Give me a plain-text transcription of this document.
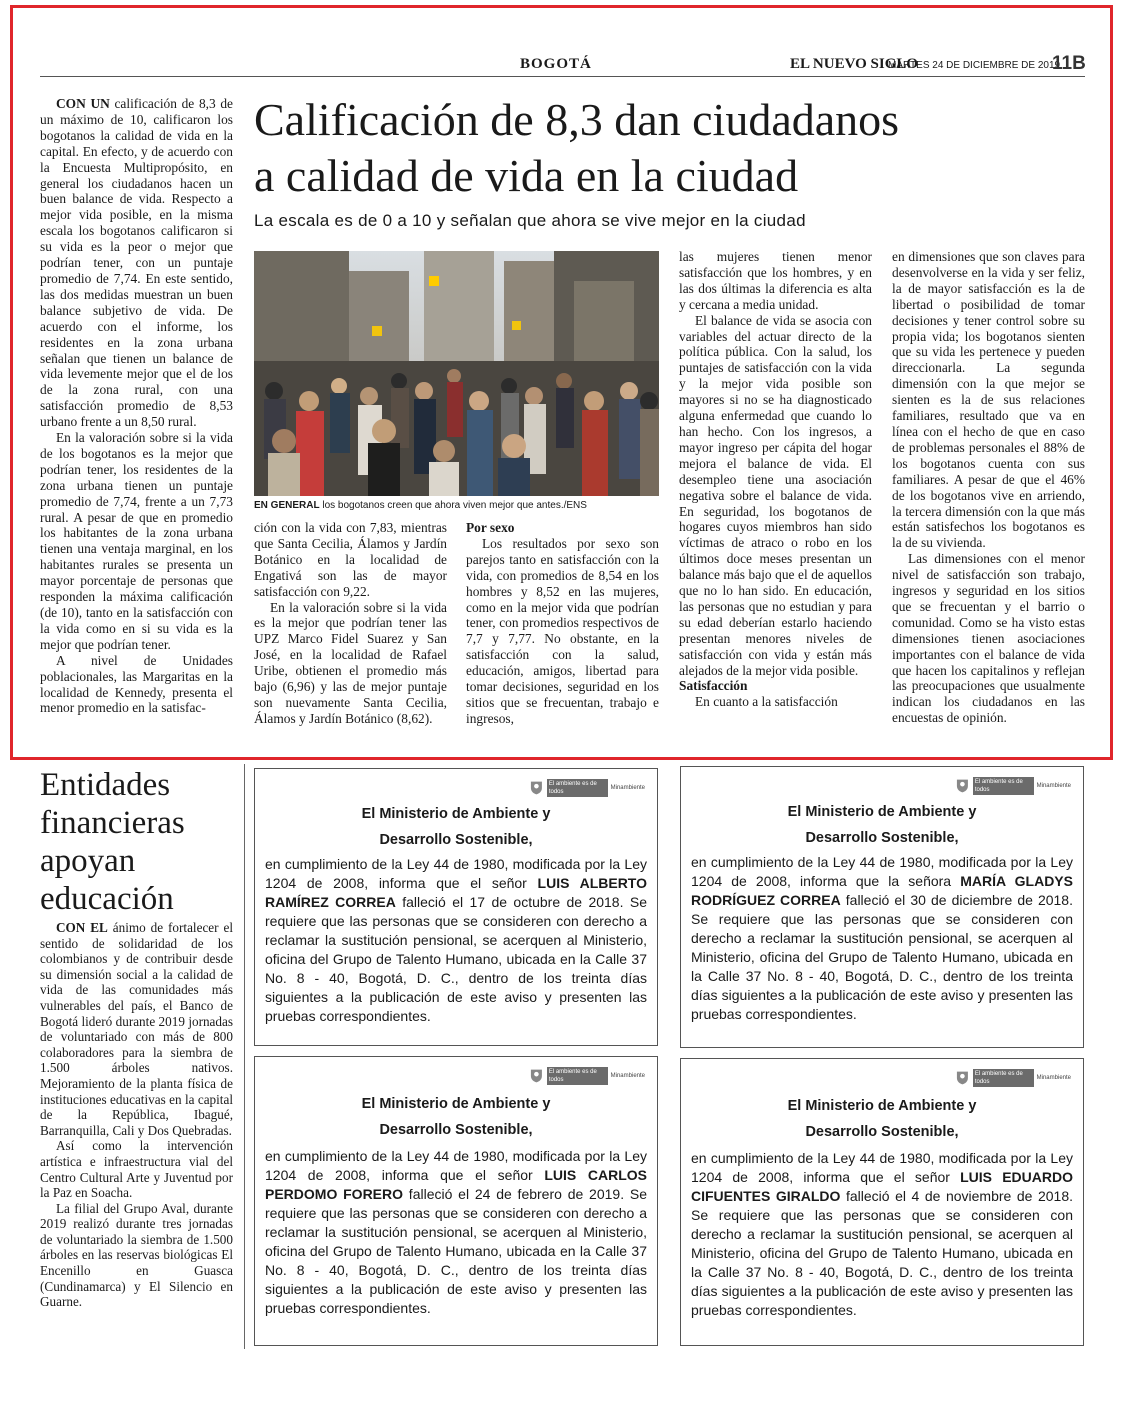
BOGOTÁ	EL NUEVO SIGLO
MARTES 24 DE DICIEMBRE DE 2019
11B

CON UN calificación de 8,3 de un máximo de 10, calificaron los bogotanos la calidad de vida en la capital. En efecto, y de acuerdo con la Encuesta Multipropósito, en general los ciudadanos hacen un buen balance de vida. Respecto a mejor vida posible, en la misma escala los bogotanos calificaron si su vida es la peor o mejor que podrían tener, con un puntaje promedio de 7,74. En este sentido, las dos medidas muestran un buen balance subjetivo de vida. De acuerdo con el informe, los residentes en la zona urbana señalan que tienen un balance de vida levemente mejor que el de los de la zona rural, con una satisfacción promedio de 8,53 urbano frente a un 8,50 rural.

En la valoración sobre si la vida de los bogotanos es la mejor que podrían tener, los residentes de la zona urbana tienen un puntaje promedio de 7,74, frente a un 7,73 rural. A pesar de que en promedio los habitantes de la zona urbana tienen una ventaja marginal, en los habitantes rurales se presenta un mayor porcentaje de personas que responden la máxima calificación (de 10), tanto en la satisfacción con la vida como en si su vida es la mejor que podrían tener.

A nivel de Unidades poblacionales, las Margaritas en la localidad de Kennedy, presenta el menor promedio en la satisfac-

Calificación de 8,3 dan ciudadanos
a calidad de vida en la ciudad
La escala es de 0 a 10 y señalan que ahora se vive mejor en la ciudad
EN GENERAL los bogotanos creen que ahora viven mejor que antes./ENS

ción con la vida con 7,83, mientras que Santa Cecilia, Álamos y Jardín Botánico en la localidad de Engativá son las de mayor satisfacción con 9,22.

En la valoración sobre si la vida es la mejor que podrían tener las UPZ Marco Fidel Suarez y San José, en la localidad de Rafael Uribe, obtienen el promedio más bajo (6,96) y las de mejor puntaje son nuevamente Santa Cecilia, Álamos y Jardín Botánico (8,62).

Por sexo

Los resultados por sexo son parejos tanto en satisfacción con la vida, con promedios de 8,54 en los hombres y 8,52 en las mujeres, como en la mejor vida que podrían tener, con promedios respectivos de 7,7 y 7,77. No obstante, en la satisfacción con la salud, educación, amigos, libertad para tomar decisiones, seguridad en los sitios que se frecuentan, trabajo e ingresos,

las mujeres tienen menor satisfacción que los hombres, y en las dos últimas la diferencia es alta y cercana a media unidad.

El balance de vida se asocia con variables del actuar directo de la política pública. Con la salud, los puntajes de satisfacción con la vida y la mejor vida posible son mayores si no se ha diagnosticado alguna enfermedad que cuando lo han hecho. Con los ingresos, a mayor ingreso per cápita del hogar mejora el balance de vida. El desempleo tiene una asociación negativa sobre el balance de vida. En seguridad, los bogotanos de hogares cuyos miembros han sido víctimas de atraco o robo en los últimos doce meses presentan un balance más bajo que el de aquellos que no lo han sido. En educación, las personas que no estudian y para su edad deberían estarlo haciendo presentan menores niveles de satisfacción con vida y están más alejados de la mejor vida posible.

Satisfacción

En cuanto a la satisfacción

en dimensiones que son claves para desenvolverse en la vida y ser feliz, la de mayor satisfacción es la de libertad o posibilidad de tomar decisiones y tener control sobre su propia vida; los bogotanos sienten que su vida les pertenece y pueden direccionarla. La segunda dimensión con la que mejor se sienten es la de sus relaciones familiares, resultado que va en línea con el hecho de que en caso de problemas personales el 88% de los bogotanos cuenta con sus familiares. A pesar de que el 46% de los bogotanos vive en arriendo, la tercera dimensión con la que más están satisfechos los bogotanos es la de su vivienda.

Las dimensiones con el menor nivel de satisfacción son trabajo, ingresos y seguridad en los sitios que se frecuentan y el barrio o comunidad. Como se ha visto estas dimensiones tienen asociaciones importantes con el balance de vida que hacen los capitalinos y reflejan las preocupaciones que usualmente indican los ciudadanos en las encuestas de opinión.

Entidades
financieras
apoyan
educación

CON EL ánimo de fortalecer el sentido de solidaridad de los colombianos y de contribuir desde su dimensión social a la calidad de vida de las comunidades más vulnerables del país, el Banco de Bogotá lideró durante 2019 jornadas de voluntariado con más de 800 colaboradores para la siembra de 1.500 árboles nativos. Mejoramiento de la planta física de instituciones educativas en la capital de la República, Ibagué, Barranquilla, Cali y Dos Quebradas.

Así como la intervención artística e infraestructura vial del Centro Cultural Arte y Juventud por la Paz en Soacha.

La filial del Grupo Aval, durante 2019 realizó durante tres jornadas de voluntariado la siembra de 1.500 árboles en las reservas biológicas El Encenillo en Guasca (Cundinamarca) y El Silencio en Guarne.

El ambiente es de todos
Minambiente
El Ministerio de Ambiente y
Desarrollo Sostenible,
en cumplimiento de la Ley 44 de 1980, modificada por la Ley 1204 de 2008, informa que el señor LUIS ALBERTO RAMÍREZ CORREA falleció el 17 de octubre de 2018. Se requiere que las personas que se consideren con derecho a reclamar la sustitución pensional, se acerquen al Ministerio, oficina del Grupo de Talento Humano, ubicada en la Calle 37 No. 8 - 40, Bogotá, D. C., dentro de los treinta días siguientes a la publicación de este aviso y presenten las pruebas correspondientes.
El ambiente es de todos
Minambiente
El Ministerio de Ambiente y
Desarrollo Sostenible,
en cumplimiento de la Ley 44 de 1980, modificada por la Ley 1204 de 2008, informa que la señora MARÍA GLADYS RODRÍGUEZ CORREA falleció el 30 de diciembre de 2018. Se requiere que las personas que se consideren con derecho a reclamar la sustitución pensional, se acerquen al Ministerio, oficina del Grupo de Talento Humano, ubicada en la Calle 37 No. 8 - 40, Bogotá, D. C., dentro de los treinta días siguientes a la publicación de este aviso y presenten las pruebas correspondientes.
El ambiente es de todos
Minambiente
El Ministerio de Ambiente y
Desarrollo Sostenible,
en cumplimiento de la Ley 44 de 1980, modificada por la Ley 1204 de 2008, informa que el señor LUIS CARLOS PERDOMO FORERO falleció el 24 de febrero de 2019. Se requiere que las personas que se consideren con derecho a reclamar la sustitución pensional, se acerquen al Ministerio, oficina del Grupo de Talento Humano, ubicada en la Calle 37 No. 8 - 40, Bogotá, D. C., dentro de los treinta días siguientes a la publicación de este aviso y presenten las pruebas correspondientes.
El ambiente es de todos
Minambiente
El Ministerio de Ambiente y
Desarrollo Sostenible,
en cumplimiento de la Ley 44 de 1980, modificada por la Ley 1204 de 2008, informa que el señor LUIS EDUARDO CIFUENTES GIRALDO falleció el 4 de noviembre de 2018. Se requiere que las personas que se consideren con derecho a reclamar la sustitución pensional, se acerquen al Ministerio, oficina del Grupo de Talento Humano, ubicada en la Calle 37 No. 8 - 40, Bogotá, D. C., dentro de los treinta días siguientes a la publicación de este aviso y presenten las pruebas correspondientes.
